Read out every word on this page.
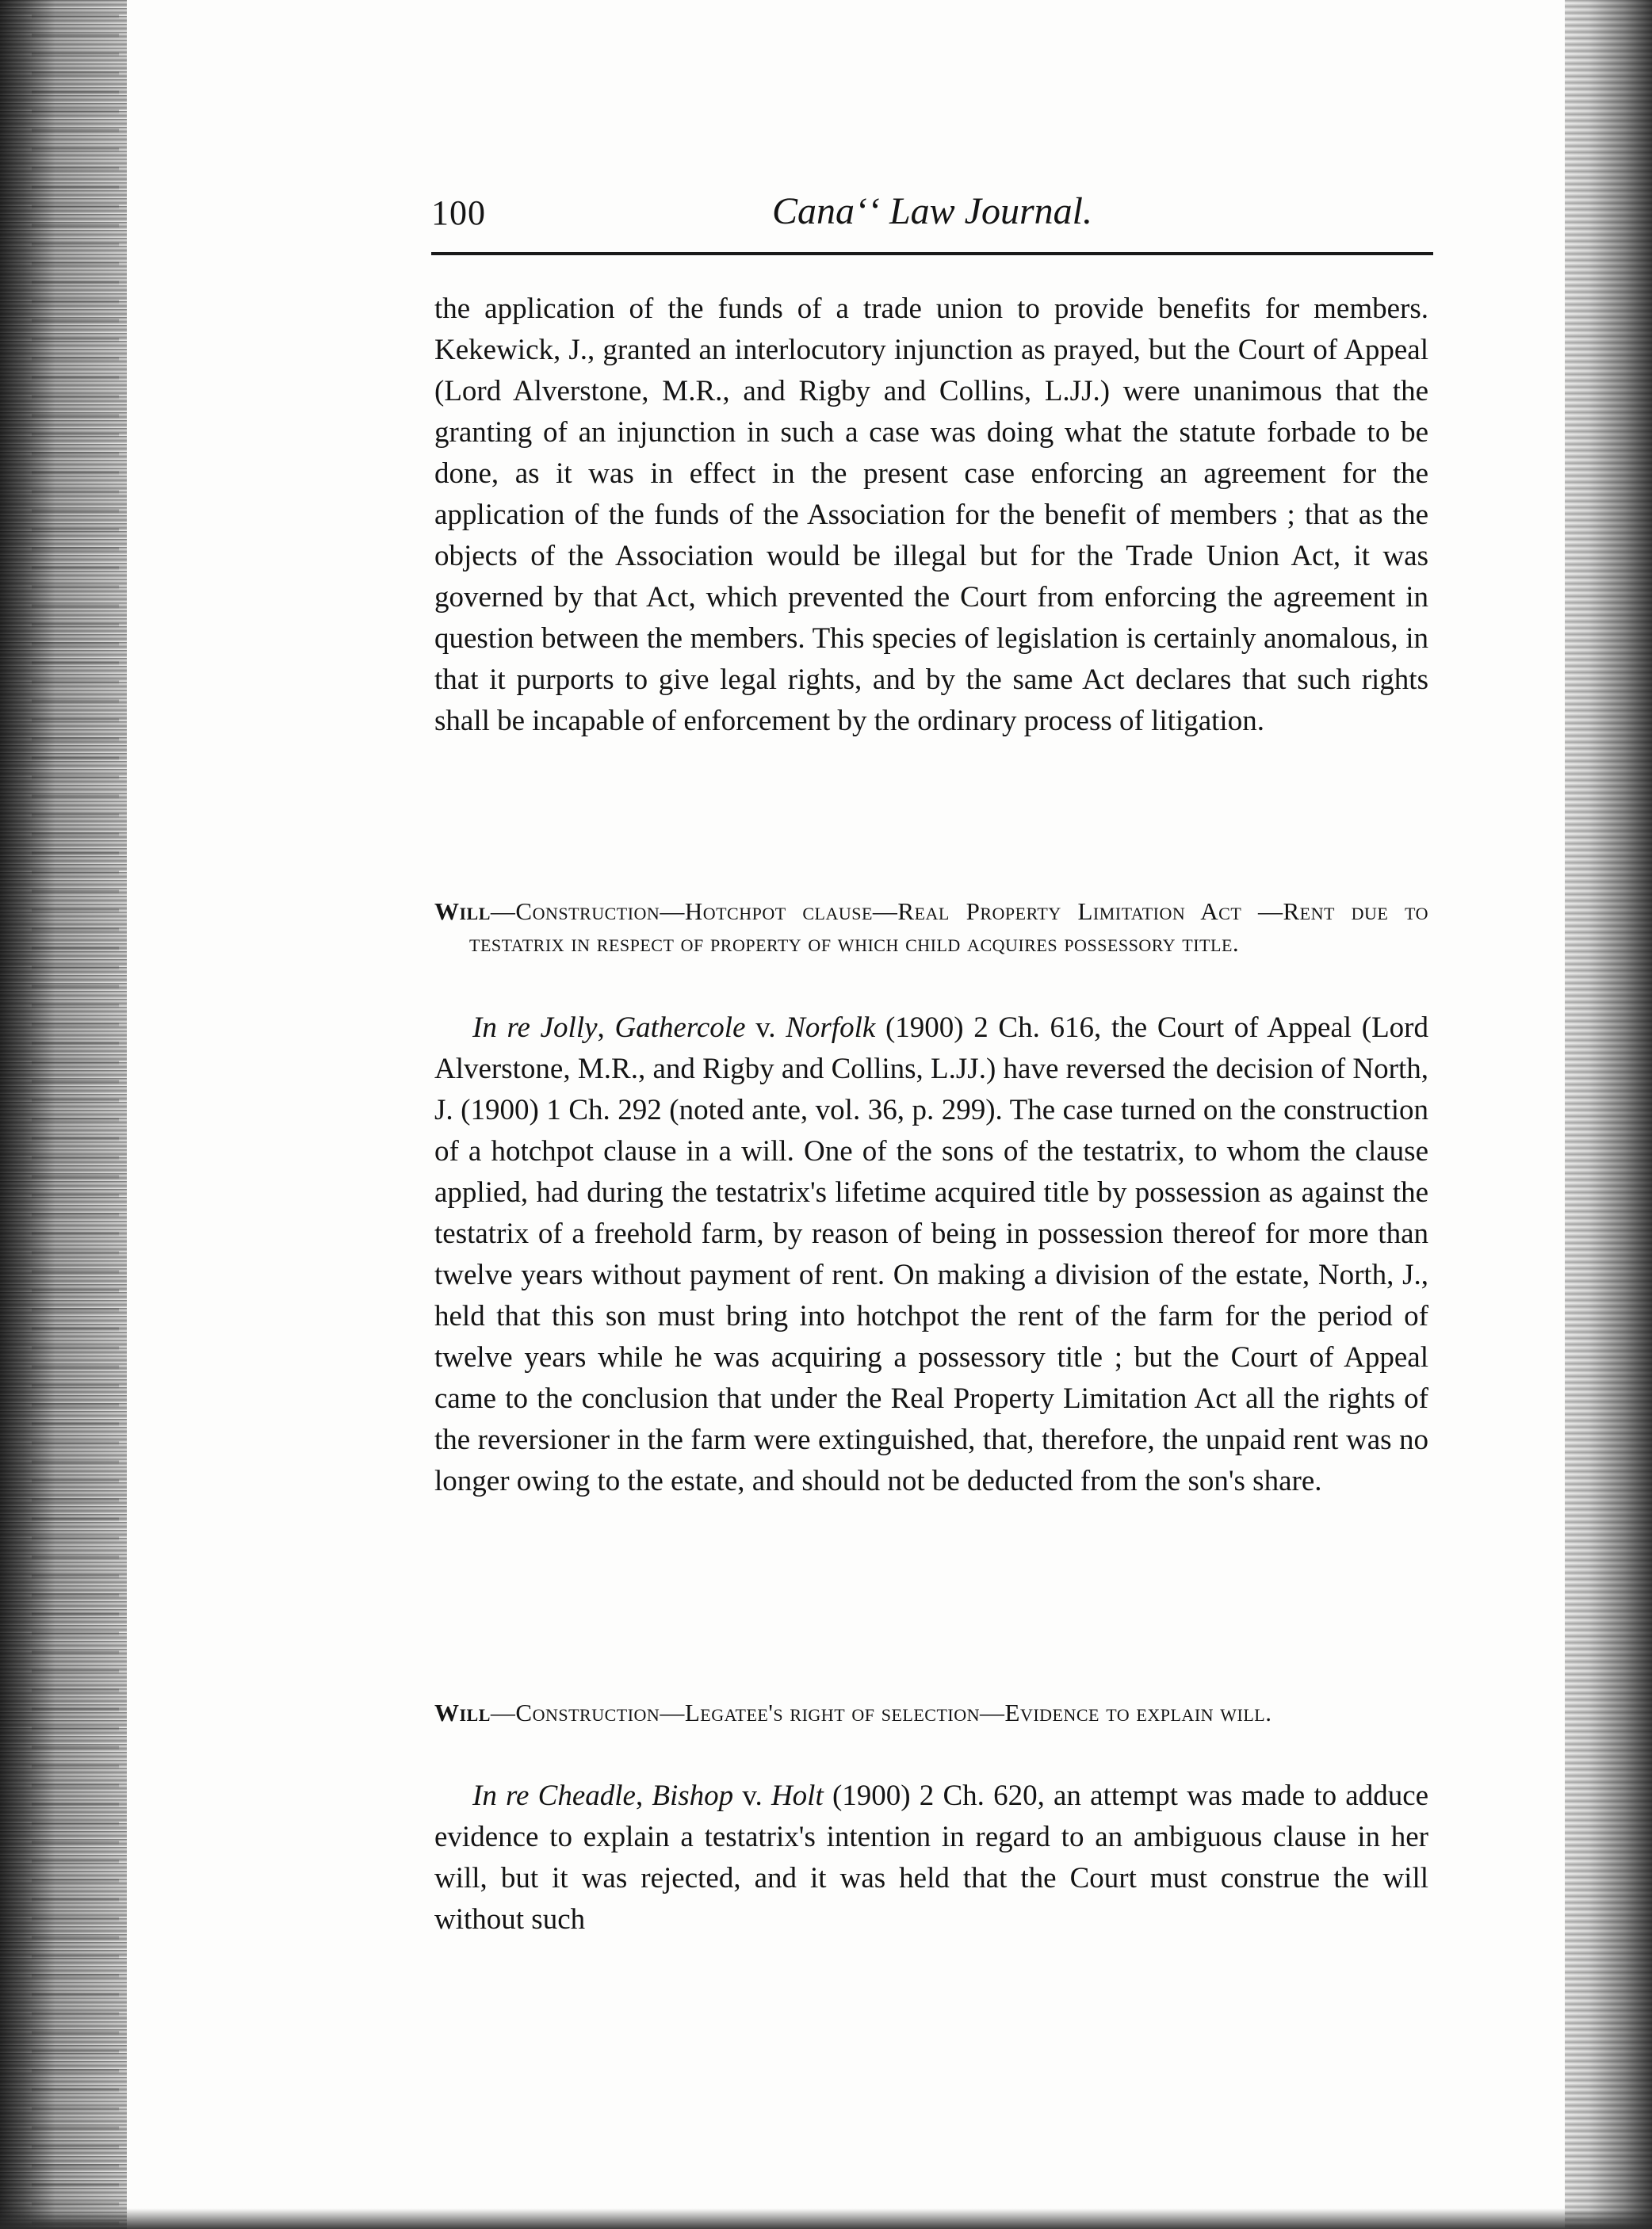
100	Canaʻʻ Law Journal.

the application of the funds of a trade union to provide benefits for members. Kekewick, J., granted an interlocutory injunction as prayed, but the Court of Appeal (Lord Alverstone, M.R., and Rigby and Collins, L.JJ.) were unanimous that the granting of an injunction in such a case was doing what the statute forbade to be done, as it was in effect in the present case enforcing an agreement for the application of the funds of the Association for the benefit of members ; that as the objects of the Association would be illegal but for the Trade Union Act, it was governed by that Act, which prevented the Court from enforcing the agreement in question between the members. This species of legislation is certainly anomalous, in that it purports to give legal rights, and by the same Act declares that such rights shall be incapable of enforcement by the ordinary process of litigation.

Will—Construction—Hotchpot clause—Real Property Limitation Act —Rent due to testatrix in respect of property of which child acquires possessory title.

In re Jolly, Gathercole v. Norfolk (1900) 2 Ch. 616, the Court of Appeal (Lord Alverstone, M.R., and Rigby and Collins, L.JJ.) have reversed the decision of North, J. (1900) 1 Ch. 292 (noted ante, vol. 36, p. 299). The case turned on the construction of a hotchpot clause in a will. One of the sons of the testatrix, to whom the clause applied, had during the testatrix's lifetime acquired title by possession as against the testatrix of a freehold farm, by reason of being in possession thereof for more than twelve years without payment of rent. On making a division of the estate, North, J., held that this son must bring into hotchpot the rent of the farm for the period of twelve years while he was acquiring a possessory title ; but the Court of Appeal came to the conclusion that under the Real Property Limitation Act all the rights of the reversioner in the farm were extinguished, that, therefore, the unpaid rent was no longer owing to the estate, and should not be deducted from the son's share.

Will—Construction—Legatee's right of selection—Evidence to explain will.

In re Cheadle, Bishop v. Holt (1900) 2 Ch. 620, an attempt was made to adduce evidence to explain a testatrix's intention in regard to an ambiguous clause in her will, but it was rejected, and it was held that the Court must construe the will without such
